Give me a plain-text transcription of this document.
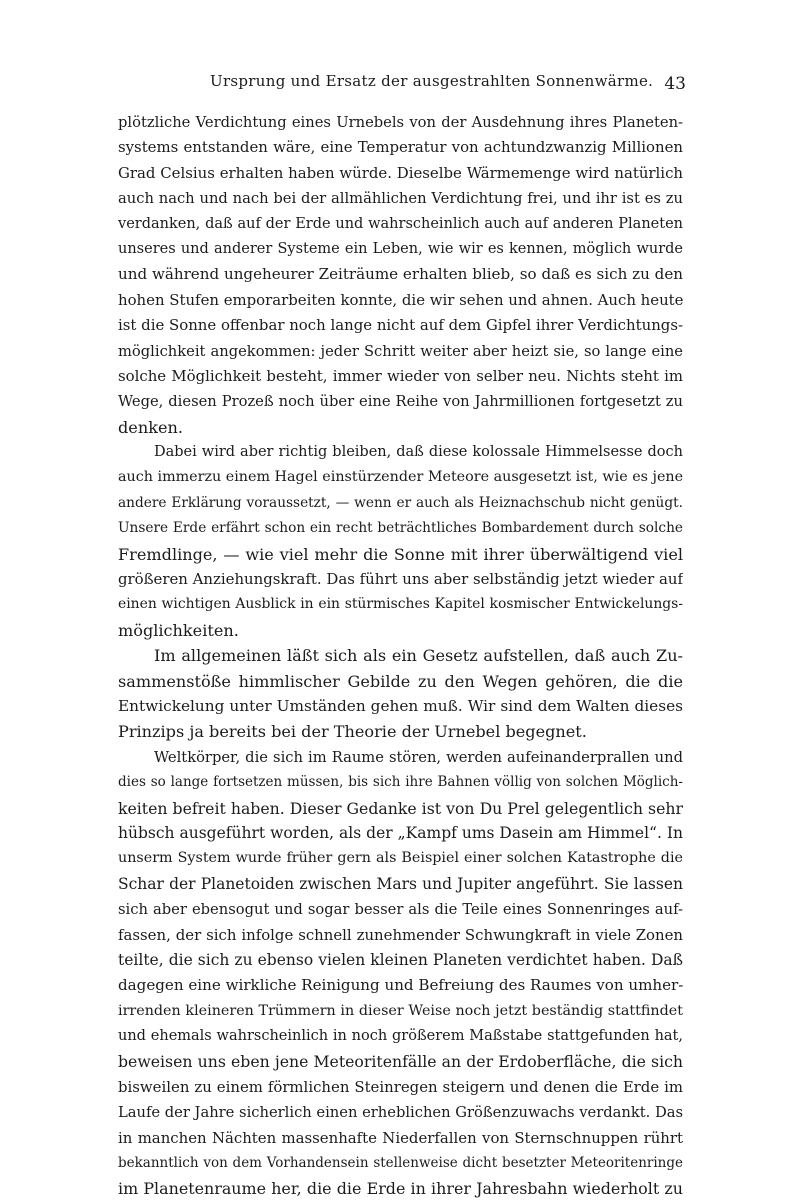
Ursprung und Ersatz der ausgestrahlten Sonnenwärme. 43
plötzliche Verdichtung eines Urnebels von der Ausdehnung ihres Planeten-
systems entstanden wäre, eine Temperatur von achtundzwanzig Millionen
Grad Celsius erhalten haben würde. Dieselbe Wärmemenge wird natürlich
auch nach und nach bei der allmählichen Verdichtung frei, und ihr ist es zu
verdanken, daß auf der Erde und wahrscheinlich auch auf anderen Planeten
unseres und anderer Systeme ein Leben, wie wir es kennen, möglich wurde
und während ungeheurer Zeiträume erhalten blieb, so daß es sich zu den
hohen Stufen emporarbeiten konnte, die wir sehen und ahnen. Auch heute
ist die Sonne offenbar noch lange nicht auf dem Gipfel ihrer Verdichtungs-
möglichkeit angekommen: jeder Schritt weiter aber heizt sie, so lange eine
solche Möglichkeit besteht, immer wieder von selber neu. Nichts steht im
Wege, diesen Prozeß noch über eine Reihe von Jahrmillionen fortgesetzt zu
denken.
Dabei wird aber richtig bleiben, daß diese kolossale Himmelsesse doch
auch immerzu einem Hagel einstürzender Meteore ausgesetzt ist, wie es jene
andere Erklärung voraussetzt, — wenn er auch als Heiznachschub nicht genügt.
Unsere Erde erfährt schon ein recht beträchtliches Bombardement durch solche
Fremdlinge, — wie viel mehr die Sonne mit ihrer überwältigend viel
größeren Anziehungskraft. Das führt uns aber selbständig jetzt wieder auf
einen wichtigen Ausblick in ein stürmisches Kapitel kosmischer Entwickelungs-
möglichkeiten.
Im allgemeinen läßt sich als ein Gesetz aufstellen, daß auch Zu-
sammenstöße himmlischer Gebilde zu den Wegen gehören, die die
Entwickelung unter Umständen gehen muß. Wir sind dem Walten dieses
Prinzips ja bereits bei der Theorie der Urnebel begegnet.
Weltkörper, die sich im Raume stören, werden aufeinanderprallen und
dies so lange fortsetzen müssen, bis sich ihre Bahnen völlig von solchen Möglich-
keiten befreit haben. Dieser Gedanke ist von Du Prel gelegentlich sehr
hübsch ausgeführt worden, als der „Kampf ums Dasein am Himmel“. In
unserm System wurde früher gern als Beispiel einer solchen Katastrophe die
Schar der Planetoiden zwischen Mars und Jupiter angeführt. Sie lassen
sich aber ebensogut und sogar besser als die Teile eines Sonnenringes auf-
fassen, der sich infolge schnell zunehmender Schwungkraft in viele Zonen
teilte, die sich zu ebenso vielen kleinen Planeten verdichtet haben. Daß
dagegen eine wirkliche Reinigung und Befreiung des Raumes von umher-
irrenden kleineren Trümmern in dieser Weise noch jetzt beständig stattfindet
und ehemals wahrscheinlich in noch größerem Maßstabe stattgefunden hat,
beweisen uns eben jene Meteoritenfälle an der Erdoberfläche, die sich
bisweilen zu einem förmlichen Steinregen steigern und denen die Erde im
Laufe der Jahre sicherlich einen erheblichen Größenzuwachs verdankt. Das
in manchen Nächten massenhafte Niederfallen von Sternschnuppen rührt
bekanntlich von dem Vorhandensein stellenweise dicht besetzter Meteoritenringe
im Planetenraume her, die die Erde in ihrer Jahresbahn wiederholt zu
